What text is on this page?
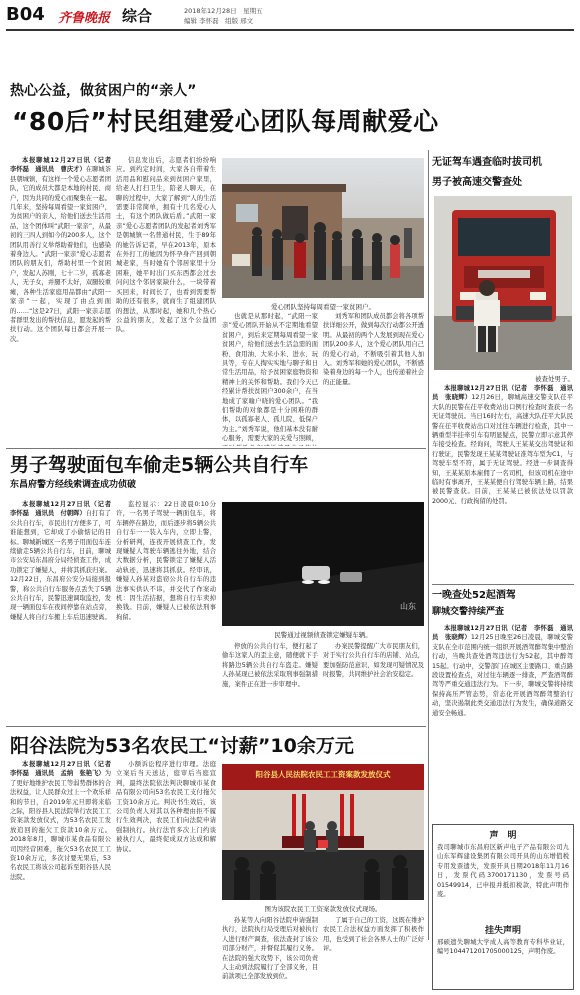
B04 齐鲁晚报 综合	2018年12月28日　星期五
编辑 李怀磊　组版 邢文
热心公益，做贫困户的“亲人”
“80后”村民组建爱心团队每周献爱心

本报聊城12月27日讯（记者　李怀磊　通讯员　曹庆才）在聊城茶县朝城镇，有这样一个爱心志愿者团队，它的成员大都是本地的村民、商户，因为共同的爱心而聚集在一起。几年来，坚持每周看望一家贫困户，为贫困户的亲人，给他们送去生活用品，这个团体叫“武阳一家亲”，从最初的三四人到如今的200多人，这个团队用善行义举帮助着他们，也感染着身边人。“武阳一家亲”爱心志愿者团队的朋友们，帮助村里一个贫困户，发起人苏刚，七十二岁，孤寡老人，无子女，并腿不太好，双腿较重瘫，各种生活家庭用品都由“武阳一家亲”一起，实现了由点到面的……“这是27日，武阳一家亲志愿者群里发出的帮扶信息，愿发起的帮扶行动。这个团队每日都会开展一次。

信息发出后，志愿者们纷纷响应。到约定时间，大家各自带着生活用品和慰问品来到贫困户家里，给老人打扫卫生，陪老人聊天，在聊的过程中，大家了解到“人的生活需要非常简单，拥有十几名爱心人士，有这个团队做后盾。”武阳一家亲”爱心志愿者团队的发起者刘秀军是朝城镇一名普通村民，生于89年的她告诉记者，早在2013年，原本在外打工的她因为怀孕身产回到朝城老家，当时她有个邻居家里十分困难，她平时出门买东西都会过去问问这个邻居家缺什么，一块带着买回来，时间长了，也看到需要帮助的还有很多，就商生了组建团队的想法，从那时起，她和几个热心公益的朋友，发起了这个公益团队。

爱心团队坚持每周看望一家贫困户。

也就是从那时起，“武阳一家亲”爱心团队开始从不定期地看望贫困户，到后来定期每周看望一家贫困户，给他们送去生活急需的面粉、食用油、大米小米、进水、玩具等，专在人掏实实地与聊子和日常生活用品，给予贫困家庭物资和精神上的关怀和帮助。我们今天已经累计帮扶贫困户300余户，在当地成了家喻户晓的爱心团队。“我们帮助的对象都是十分困难的群体，以孤寡老人、孤儿院、低保户为主。”刘秀军说，他们基本没有耐心服务，需要大家的关爱与照顾，

刘秀军和团队成员都会将各项帮扶详细公开，做到每次行动都公开透明。从最初的两个人发展到现在爱心团队200多人，这个爱心团队用自己的爱心行动，不断吸引着其他人加入。刘秀军和她的爱心团队，不断感染着身边的每一个人，也传递着社会的正能量。

无证驾车遇查临时拔司机
男子被高速交警查处
被查处男子。

本报聊城12月27日讯（记者　李怀磊　通讯员　张晓辉）12月26日，聊城高速交警支队茌平大队的民警在茌平收费站出口例行检查时查获一名无证驾驶员。当日16时左右，高速大队茌平大队民警在茌平收费站出口对过往车辆进行检查，其中一辆重型半挂牵引车有明显疑点，民警立即示意其停车接受检查。经询问，驾驶人王某某交出驾驶证和行驶证，民警发现王某某驾驶证准驾车型为C1，与驾驶车型不符，属于无证驾驶。经进一步调查得知，王某某原本雇佣了一名司机，但该司机在途中临时有事离开，王某某便自行驾驶车辆上路，结果被民警查获。目前，王某某已被依法处以罚款2000元、行政拘留的处罚。

一晚查处52起酒驾
聊城交警持续严查

本报聊城12月27日讯（记者　李怀磊　通讯员　张晓辉）12月25日晚至26日凌晨，聊城交警支队在全市范围内统一组织开展酒驾醉驾集中整治行动，当晚共查处酒驾违法行为52起，其中醉驾15起。行动中，交警部门在城区主要路口、重点路段设置检查点，对过往车辆逐一排查，严查酒驾醉驾等严重交通违法行为。下一步，聊城交警将持续保持高压严管态势，常态化开展酒驾醉驾整治行动，坚决遏制此类交通违法行为发生，确保道路交通安全畅通。

声　明
我司聊城市东昌府区新声电子产品有限公司九山东军辉建设集团有限公司开具的山东增值税专用发票遗失，发票开具日期2018年11月16日，发票代码3700171130，发票号码01549914，已申报并抵扣税款，特此声明作废。
挂失声明
邢硕遗失聊城大学成人高等教育专科毕业证，编号104471201705000125，声明作废。
男子驾驶面包车偷走5辆公共自行车
东昌府警方经线索调查成功侦破

本报聊城12月27日讯（记者　李怀磊　通讯员　付朝晖）自打有了公共自行车，市民出行方便多了，可谁能想到，它却成了小偷惦记的目标。聊城新城区一名男子用面包车连续偷走5辆公共自行车，日前，聊城市公安局东昌府分局经侦查工作，成功锁定了嫌疑人，并将其抓获归案。12月22日，东昌府公安分局接到报警，称公共自行车服务点丢失了5辆公共自行车，民警迅速调取监控，发现一辆面包车在夜间停靠在站点旁，嫌疑人将自行车搬上车后迅速驶离。

监控显示：22日凌晨0:10分许，一名男子驾驶一辆面包车，将车辆停在路边，而后逐步将5辆公共自行车一一装入车内，立即上警，分析研判，连夜开展侦查工作，发现嫌疑人驾驶车辆逃往外地，结合大数据分析，民警锁定了嫌疑人活动轨迹，迅速将其抓获。经审讯，嫌疑人孙某对盗窃公共自行车的违法事实供认不讳，并交代了作案动机：因生活拮据，想将自行车卖掉换钱。目前，嫌疑人已被依法刑事拘留。

山东
民警通过视频侦查锁定嫌疑车辆。

停放的公共自行车，便打起了偷车这家人的歪主意，随便就下手将路边5辆公共自行车盗走。嫌疑人孙某现已被依法采取刑事强制措施，案件正在进一步审理中。

办案民警提醒广大市民朋友们，对于实行公共自行车的店铺、站点，要加强防范意识，如发现可疑情况及时报警，共同维护社会治安稳定。

阳谷法院为53名农民工“讨薪”10余万元

本报聊城12月27日讯（记者　李怀磊　通讯员　孟纳　张艳飞）为了更好地维护农民工等弱势群体的合法权益，让人民群众过上一个欢乐祥和的节日，自2019年元旦即将来临之际，阳谷县人民法院举行农民工工资案款发放仪式，为53名农民工发放追回的拖欠工资款10余万元。2018年8月，聊城市某食品有限公司因经营困难，拖欠53名农民工工资10余万元，多次讨要无果后，53名农民工将该公司起诉至阳谷县人民法院。

小额诉讼程序进行审理。法庭立案后当天送达，庭审后当庭宣判，最终法院依法判决聊城市某食品有限公司向53名农民工支付拖欠工资10余万元。判决书生效后，该公司负责人对其以各种理由拒不履行生效判决，农民工们向法院申请强制执行。执行法官多次上门约谈被执行人，最终促成双方达成和解协议。

阳谷县人民法院农民工工资案款发放仪式
图为该院农民工工资案款发放仪式现场。

孙某等人向阳谷法院申请强制执行，法院执行局受理后对被执行人进行财产调查，依法查封了该公司部分财产，并督促其履行义务。在法院的强大攻势下，该公司负责人主动到法院履行了全部义务，目前款项已全部发放到位。

了属于自己的工资，这既在维护农民工合法权益方面发挥了积极作用，也受到了社会各界人士的广泛好评。
